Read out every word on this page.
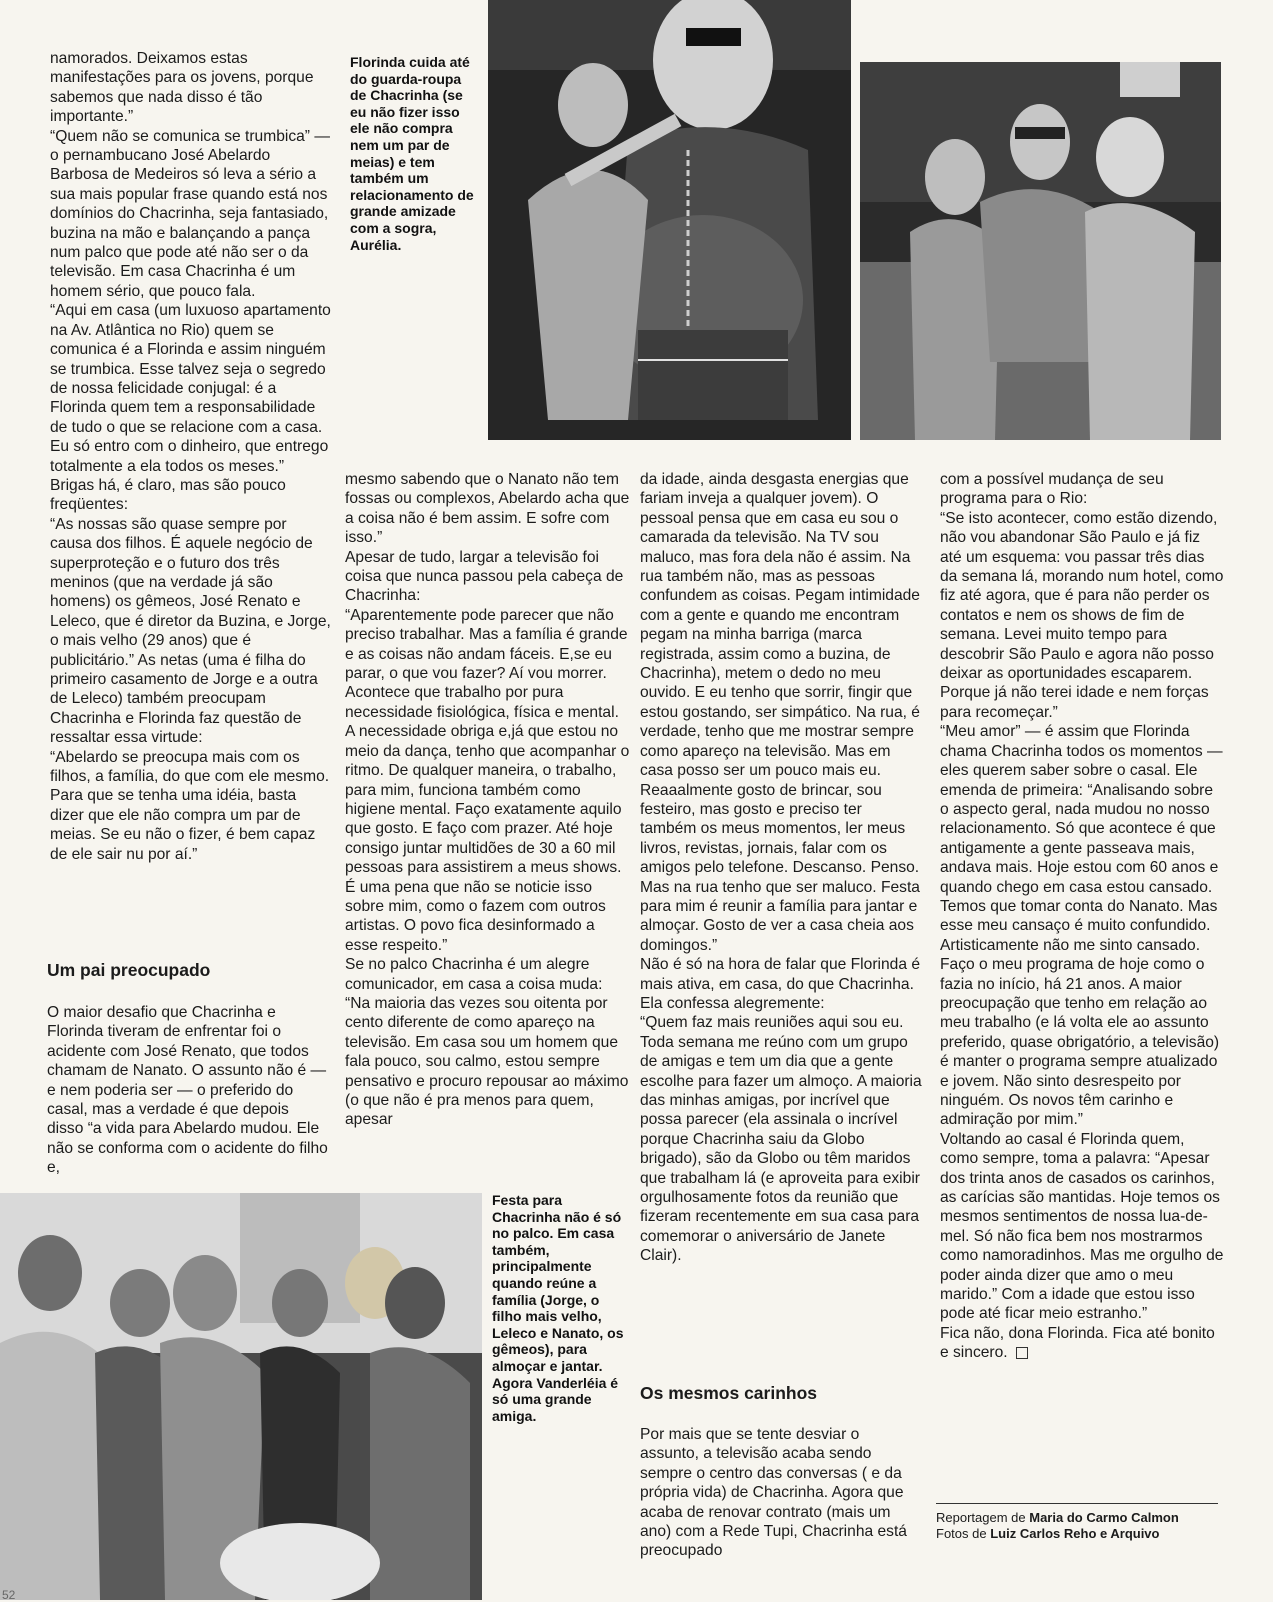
Florinda cuida até do guarda-roupa de Chacrinha (se eu não fizer isso ele não compra nem um par de meias) e tem também um relacionamento de grande amizade com a sogra, Aurélia.

namorados. Deixamos estas manifestações para os jovens, porque sabemos que nada disso é tão importante.”

“Quem não se comunica se trumbica” — o pernambucano José Abelardo Barbosa de Medeiros só leva a sério a sua mais popular frase quando está nos domínios do Chacrinha, seja fantasiado, buzina na mão e balançando a pança num palco que pode até não ser o da televisão. Em casa Chacrinha é um homem sério, que pouco fala.

“Aqui em casa (um luxuoso apartamento na Av. Atlântica no Rio) quem se comunica é a Florinda e assim ninguém se trumbica. Esse talvez seja o segredo de nossa felicidade conjugal: é a Florinda quem tem a responsabilidade de tudo o que se relacione com a casa. Eu só entro com o dinheiro, que entrego totalmente a ela todos os meses.”

Brigas há, é claro, mas são pouco freqüentes:

“As nossas são quase sempre por causa dos filhos. É aquele negócio de superproteção e o futuro dos três meninos (que na verdade já são homens) os gêmeos, José Renato e Leleco, que é diretor da Buzina, e Jorge, o mais velho (29 anos) que é publicitário.” As netas (uma é filha do primeiro casamento de Jorge e a outra de Leleco) também preocupam Chacrinha e Florinda faz questão de ressaltar essa virtude:

“Abelardo se preocupa mais com os filhos, a família, do que com ele mesmo. Para que se tenha uma idéia, basta dizer que ele não compra um par de meias. Se eu não o fizer, é bem capaz de ele sair nu por aí.”

Um pai preocupado

O maior desafio que Chacrinha e Florinda tiveram de enfrentar foi o acidente com José Renato, que todos chamam de Nanato. O assunto não é — e nem poderia ser — o preferido do casal, mas a verdade é que depois disso “a vida para Abelardo mudou. Ele não se conforma com o acidente do filho e,

mesmo sabendo que o Nanato não tem fossas ou complexos, Abelardo acha que a coisa não é bem assim. E sofre com isso.”

Apesar de tudo, largar a televisão foi coisa que nunca passou pela cabeça de Chacrinha:

“Aparentemente pode parecer que não preciso trabalhar. Mas a família é grande e as coisas não andam fáceis. E,se eu parar, o que vou fazer? Aí vou morrer. Acontece que trabalho por pura necessidade fisiológica, física e mental. A necessidade obriga e,já que estou no meio da dança, tenho que acompanhar o ritmo. De qualquer maneira, o trabalho, para mim, funciona também como higiene mental. Faço exatamente aquilo que gosto. E faço com prazer. Até hoje consigo juntar multidões de 30 a 60 mil pessoas para assistirem a meus shows. É uma pena que não se noticie isso sobre mim, como o fazem com outros artistas. O povo fica desinformado a esse respeito.”

Se no palco Chacrinha é um alegre comunicador, em casa a coisa muda:

“Na maioria das vezes sou oitenta por cento diferente de como apareço na televisão. Em casa sou um homem que fala pouco, sou calmo, estou sempre pensativo e procuro repousar ao máximo (o que não é pra menos para quem, apesar

Festa para Chacrinha não é só no palco. Em casa também, principalmente quando reúne a família (Jorge, o filho mais velho, Leleco e Nanato, os gêmeos), para almoçar e jantar. Agora Vanderléia é só uma grande amiga.

da idade, ainda desgasta energias que fariam inveja a qualquer jovem). O pessoal pensa que em casa eu sou o camarada da televisão. Na TV sou maluco, mas fora dela não é assim. Na rua também não, mas as pessoas confundem as coisas. Pegam intimidade com a gente e quando me encontram pegam na minha barriga (marca registrada, assim como a buzina, de Chacrinha), metem o dedo no meu ouvido. E eu tenho que sorrir, fingir que estou gostando, ser simpático. Na rua, é verdade, tenho que me mostrar sempre como apareço na televisão. Mas em casa posso ser um pouco mais eu. Reaaalmente gosto de brincar, sou festeiro, mas gosto e preciso ter também os meus momentos, ler meus livros, revistas, jornais, falar com os amigos pelo telefone. Descanso. Penso. Mas na rua tenho que ser maluco. Festa para mim é reunir a família para jantar e almoçar. Gosto de ver a casa cheia aos domingos.”

Não é só na hora de falar que Florinda é mais ativa, em casa, do que Chacrinha. Ela confessa alegremente:

“Quem faz mais reuniões aqui sou eu. Toda semana me reúno com um grupo de amigas e tem um dia que a gente escolhe para fazer um almoço. A maioria das minhas amigas, por incrível que possa parecer (ela assinala o incrível porque Chacrinha saiu da Globo brigado), são da Globo ou têm maridos que trabalham lá (e aproveita para exibir orgulhosamente fotos da reunião que fizeram recentemente em sua casa para comemorar o aniversário de Janete Clair).

Os mesmos carinhos

Por mais que se tente desviar o assunto, a televisão acaba sendo sempre o centro das conversas ( e da própria vida) de Chacrinha. Agora que acaba de renovar contrato (mais um ano) com a Rede Tupi, Chacrinha está preocupado

com a possível mudança de seu programa para o Rio:

“Se isto acontecer, como estão dizendo, não vou abandonar São Paulo e já fiz até um esquema: vou passar três dias da semana lá, morando num hotel, como fiz até agora, que é para não perder os contatos e nem os shows de fim de semana. Levei muito tempo para descobrir São Paulo e agora não posso deixar as oportunidades escaparem. Porque já não terei idade e nem forças para recomeçar.”

“Meu amor” — é assim que Florinda chama Chacrinha todos os momentos — eles querem saber sobre o casal. Ele emenda de primeira: “Analisando sobre o aspecto geral, nada mudou no nosso relacionamento. Só que acontece é que antigamente a gente passeava mais, andava mais. Hoje estou com 60 anos e quando chego em casa estou cansado. Temos que tomar conta do Nanato. Mas esse meu cansaço é muito confundido. Artisticamente não me sinto cansado. Faço o meu programa de hoje como o fazia no início, há 21 anos. A maior preocupação que tenho em relação ao meu trabalho (e lá volta ele ao assunto preferido, quase obrigatório, a televisão) é manter o programa sempre atualizado e jovem. Não sinto desrespeito por ninguém. Os novos têm carinho e admiração por mim.”

Voltando ao casal é Florinda quem, como sempre, toma a palavra: “Apesar dos trinta anos de casados os carinhos, as carícias são mantidas. Hoje temos os mesmos sentimentos de nossa lua-de-mel. Só não fica bem nos mostrarmos como namoradinhos. Mas me orgulho de poder ainda dizer que amo o meu marido.” Com a idade que estou isso pode até ficar meio estranho.”

Fica não, dona Florinda. Fica até bonito e sincero.

Reportagem de Maria do Carmo Calmon
Fotos de Luiz Carlos Reho e Arquivo
52
